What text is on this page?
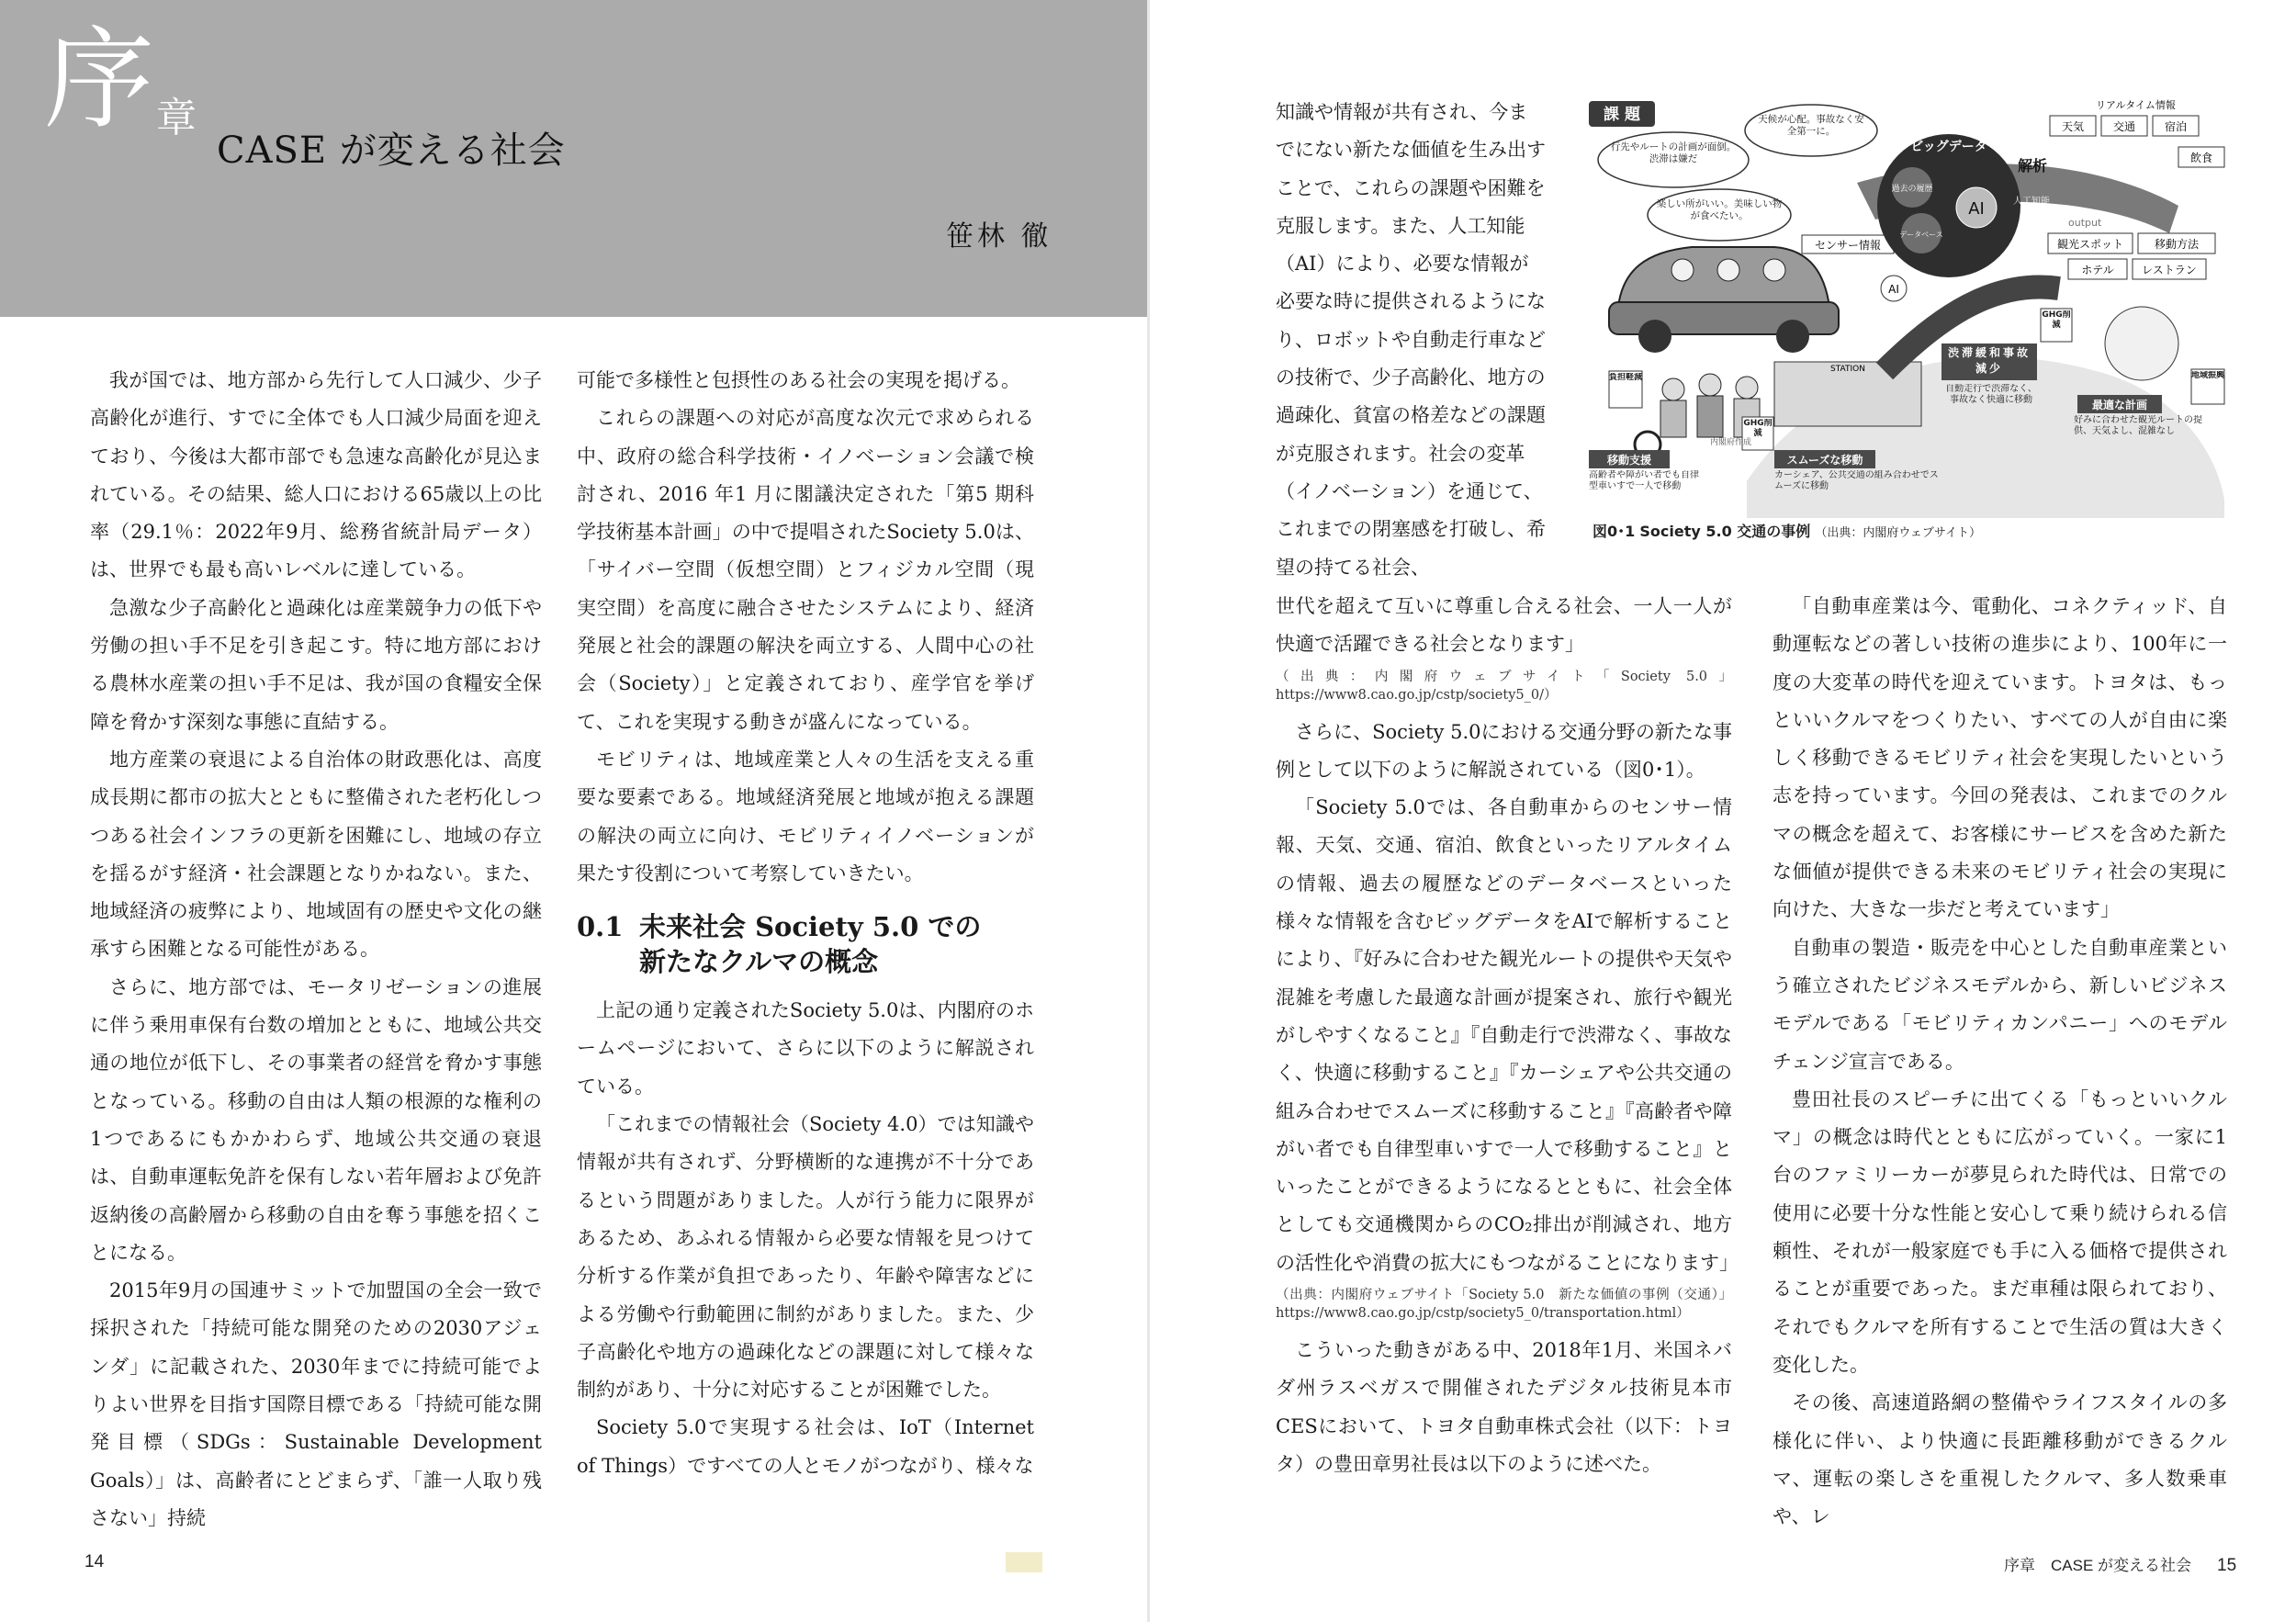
序 章
CASE が変える社会
笹林 徹

我が国では、地方部から先行して人口減少、少子高齢化が進行、すでに全体でも人口減少局面を迎えており、今後は大都市部でも急速な高齢化が見込まれている。その結果、総人口における65歳以上の比率（29.1％：2022年9月、総務省統計局データ）は、世界でも最も高いレベルに達している。

急激な少子高齢化と過疎化は産業競争力の低下や労働の担い手不足を引き起こす。特に地方部における農林水産業の担い手不足は、我が国の食糧安全保障を脅かす深刻な事態に直結する。

地方産業の衰退による自治体の財政悪化は、高度成長期に都市の拡大とともに整備された老朽化しつつある社会インフラの更新を困難にし、地域の存立を揺るがす経済・社会課題となりかねない。また、地域経済の疲弊により、地域固有の歴史や文化の継承すら困難となる可能性がある。

さらに、地方部では、モータリゼーションの進展に伴う乗用車保有台数の増加とともに、地域公共交通の地位が低下し、その事業者の経営を脅かす事態となっている。移動の自由は人類の根源的な権利の1つであるにもかかわらず、地域公共交通の衰退は、自動車運転免許を保有しない若年層および免許返納後の高齢層から移動の自由を奪う事態を招くことになる。

2015年9月の国連サミットで加盟国の全会一致で採択された「持続可能な開発のための2030アジェンダ」に記載された、2030年までに持続可能でよりよい世界を目指す国際目標である「持続可能な開発目標（SDGs：Sustainable Development Goals）」は、高齢者にとどまらず、「誰一人取り残さない」持続

可能で多様性と包摂性のある社会の実現を掲げる。

これらの課題への対応が高度な次元で求められる中、政府の総合科学技術・イノベーション会議で検討され、2016 年1 月に閣議決定された「第5 期科学技術基本計画」の中で提唱されたSociety 5.0は、「サイバー空間（仮想空間）とフィジカル空間（現実空間）を高度に融合させたシステムにより、経済発展と社会的課題の解決を両立する、人間中心の社会（Society）」と定義されており、産学官を挙げて、これを実現する動きが盛んになっている。

モビリティは、地域産業と人々の生活を支える重要な要素である。地域経済発展と地域が抱える課題の解決の両立に向け、モビリティイノベーションが果たす役割について考察していきたい。

0.1 未来社会 Society 5.0 での
新たなクルマの概念

上記の通り定義されたSociety 5.0は、内閣府のホームページにおいて、さらに以下のように解説されている。

「これまでの情報社会（Society 4.0）では知識や情報が共有されず、分野横断的な連携が不十分であるという問題がありました。人が行う能力に限界があるため、あふれる情報から必要な情報を見つけて分析する作業が負担であったり、年齢や障害などによる労働や行動範囲に制約がありました。また、少子高齢化や地方の過疎化などの課題に対して様々な制約があり、十分に対応することが困難でした。

Society 5.0で実現する社会は、IoT（Internet of Things）ですべての人とモノがつながり、様々な

14
知識や情報が共有され、今までにない新たな価値を生み出すことで、これらの課題や困難を克服します。また、人工知能（AI）により、必要な情報が必要な時に提供されるようになり、ロボットや自動走行車などの技術で、少子高齢化、地方の過疎化、貧富の格差などの課題が克服されます。社会の変革（イノベーション）を通じて、これまでの閉塞感を打破し、希望の持てる社会、
課 題
行先やルートの計画が面倒。渋滞は嫌だ
天候が心配。事故なく安全第一に。
楽しい所がいい。美味しい物が食べたい。
センサー情報
ビッグデータ
過去の履歴
データベース
AI	人工知能
解析
リアルタイム情報
天気	交通	宿泊
飲食
output
観光スポット	移動方法
ホテル	レストラン
負担軽減
移動支援
高齢者や障がい者でも自律型車いすで一人で移動
STATION
GHG削減
スムーズな移動
カーシェア、公共交通の組み合わせでスムーズに移動
AI
GHG削減
渋滞緩和事故減少
自動走行で渋滞なく、事故なく快適に移動	最適な計画
好みに合わせた観光ルートの提供、天気よし、混雑なし
地域振興
内閣府作成
図0･1 Society 5.0 交通の事例 （出典：内閣府ウェブサイト）

世代を超えて互いに尊重し合える社会、一人一人が快適で活躍できる社会となります」

（出典：内閣府ウェブサイト「Society 5.0」https://www8.cao.go.jp/cstp/society5_0/）

さらに、Society 5.0における交通分野の新たな事例として以下のように解説されている（図0･1）。

「Society 5.0では、各自動車からのセンサー情報、天気、交通、宿泊、飲食といったリアルタイムの情報、過去の履歴などのデータベースといった様々な情報を含むビッグデータをAIで解析することにより、『好みに合わせた観光ルートの提供や天気や混雑を考慮した最適な計画が提案され、旅行や観光がしやすくなること』『自動走行で渋滞なく、事故なく、快適に移動すること』『カーシェアや公共交通の組み合わせでスムーズに移動すること』『高齢者や障がい者でも自律型車いすで一人で移動すること』といったことができるようになるとともに、社会全体としても交通機関からのCO₂排出が削減され、地方の活性化や消費の拡大にもつながることになります」

（出典：内閣府ウェブサイト「Society 5.0　新たな価値の事例（交通）」https://www8.cao.go.jp/cstp/society5_0/transportation.html）

こういった動きがある中、2018年1月、米国ネバダ州ラスベガスで開催されたデジタル技術見本市CESにおいて、トヨタ自動車株式会社（以下：トヨタ）の豊田章男社長は以下のように述べた。

「自動車産業は今、電動化、コネクティッド、自動運転などの著しい技術の進歩により、100年に一度の大変革の時代を迎えています。トヨタは、もっといいクルマをつくりたい、すべての人が自由に楽しく移動できるモビリティ社会を実現したいという志を持っています。今回の発表は、これまでのクルマの概念を超えて、お客様にサービスを含めた新たな価値が提供できる未来のモビリティ社会の実現に向けた、大きな一歩だと考えています」

自動車の製造・販売を中心とした自動車産業という確立されたビジネスモデルから、新しいビジネスモデルである「モビリティカンパニー」へのモデルチェンジ宣言である。

豊田社長のスピーチに出てくる「もっといいクルマ」の概念は時代とともに広がっていく。一家に1台のファミリーカーが夢見られた時代は、日常での使用に必要十分な性能と安心して乗り続けられる信頼性、それが一般家庭でも手に入る価格で提供されることが重要であった。まだ車種は限られており、それでもクルマを所有することで生活の質は大きく変化した。

その後、高速道路網の整備やライフスタイルの多様化に伴い、より快適に長距離移動ができるクルマ、運転の楽しさを重視したクルマ、多人数乗車や、レ

序章　CASE が変える社会 15
